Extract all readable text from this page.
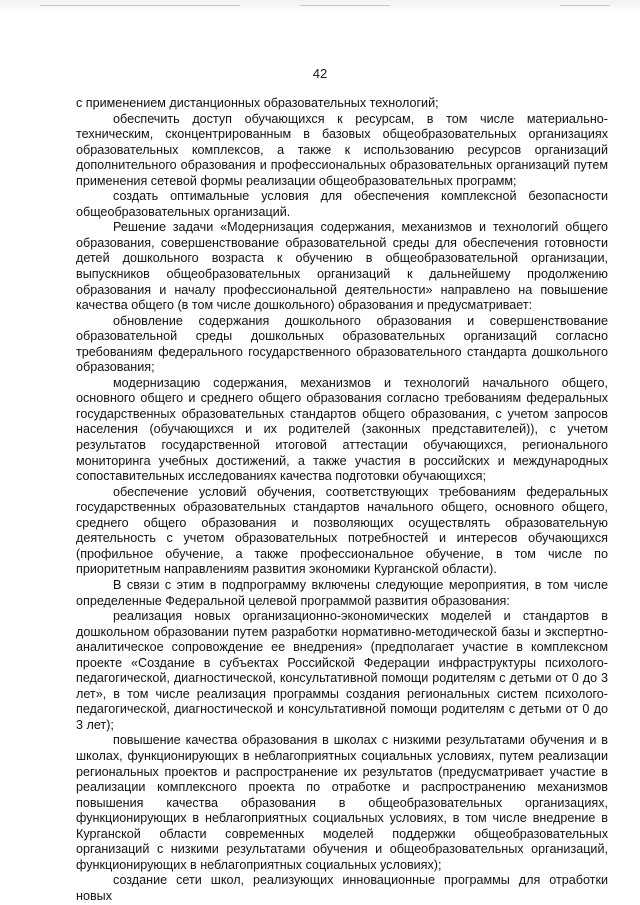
42

с применением дистанционных образовательных технологий;

обеспечить доступ обучающихся к ресурсам, в том числе материально-техническим, сконцентрированным в базовых общеобразовательных организациях образовательных комплексов, а также к использованию ресурсов организаций дополнительного образования и профессиональных образовательных организаций путем применения сетевой формы реализации общеобразовательных программ;

создать оптимальные условия для обеспечения комплексной безопасности общеобразовательных организаций.

Решение задачи «Модернизация содержания, механизмов и технологий общего образования, совершенствование образовательной среды для обеспечения готовности детей дошкольного возраста к обучению в общеобразовательной организации, выпускников общеобразовательных организаций к дальнейшему продолжению образования и началу профессиональной деятельности» направлено на повышение качества общего (в том числе дошкольного) образования и предусматривает:

обновление содержания дошкольного образования и совершенствование образовательной среды дошкольных образовательных организаций согласно требованиям федерального государственного образовательного стандарта дошкольного образования;

модернизацию содержания, механизмов и технологий начального общего, основного общего и среднего общего образования согласно требованиям федеральных государственных образовательных стандартов общего образования, с учетом запросов населения (обучающихся и их родителей (законных представителей)), с учетом результатов государственной итоговой аттестации обучающихся, регионального мониторинга учебных достижений, а также участия в российских и международных сопоставительных исследованиях качества подготовки обучающихся;

обеспечение условий обучения, соответствующих требованиям федеральных государственных образовательных стандартов начального общего, основного общего, среднего общего образования и позволяющих осуществлять образовательную деятельность с учетом образовательных потребностей и интересов обучающихся (профильное обучение, а также профессиональное обучение, в том числе по приоритетным направлениям развития экономики Курганской области).

В связи с этим в подпрограмму включены следующие мероприятия, в том числе определенные Федеральной целевой программой развития образования:

реализация новых организационно-экономических моделей и стандартов в дошкольном образовании путем разработки нормативно-методической базы и экспертно-аналитическое сопровождение ее внедрения» (предполагает участие в комплексном проекте «Создание в субъектах Российской Федерации инфраструктуры психолого-педагогической, диагностической, консультативной помощи родителям с детьми от 0 до 3 лет», в том числе реализация программы создания региональных систем психолого-педагогической, диагностической и консультативной помощи родителям с детьми от 0 до 3 лет);

повышение качества образования в школах с низкими результатами обучения и в школах, функционирующих в неблагоприятных социальных условиях, путем реализации региональных проектов и распространение их результатов (предусматривает участие в реализации комплексного проекта по отработке и распространению механизмов повышения качества образования в общеобразовательных организациях, функционирующих в неблагоприятных социальных условиях, в том числе внедрение в Курганской области современных моделей поддержки общеобразовательных организаций с низкими результатами обучения и общеобразовательных организаций, функционирующих в неблагоприятных социальных условиях);

создание сети школ, реализующих инновационные программы для отработки новых
